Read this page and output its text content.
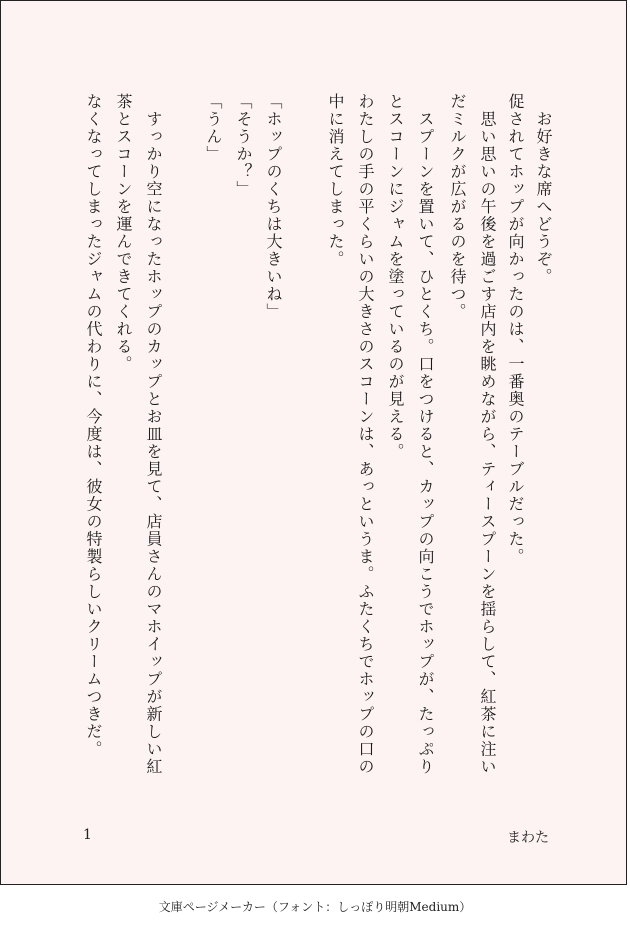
　お好きな席へどうぞ。
促されてホップが向かったのは、一番奥のテーブルだった。
　思い思いの午後を過ごす店内を眺めながら、ティースプーンを揺らして、紅茶に注い
だミルクが広がるのを待つ。
　スプーンを置いて、ひとくち。口をつけると、カップの向こうでホップが、たっぷり
とスコーンにジャムを塗っているのが見える。
わたしの手の平くらいの大きさのスコーンは、あっというま。ふたくちでホップの口の
中に消えてしまった。
「ホップのくちは大きいね」
「そうか？」
「うん」
　すっかり空になったホップのカップとお皿を見て、店員さんのマホイップが新しい紅
茶とスコーンを運んできてくれる。
なくなってしまったジャムの代わりに、今度は、彼女の特製らしいクリームつきだ。
1	まわた
文庫ページメーカー（フォント：しっぽり明朝Medium）
